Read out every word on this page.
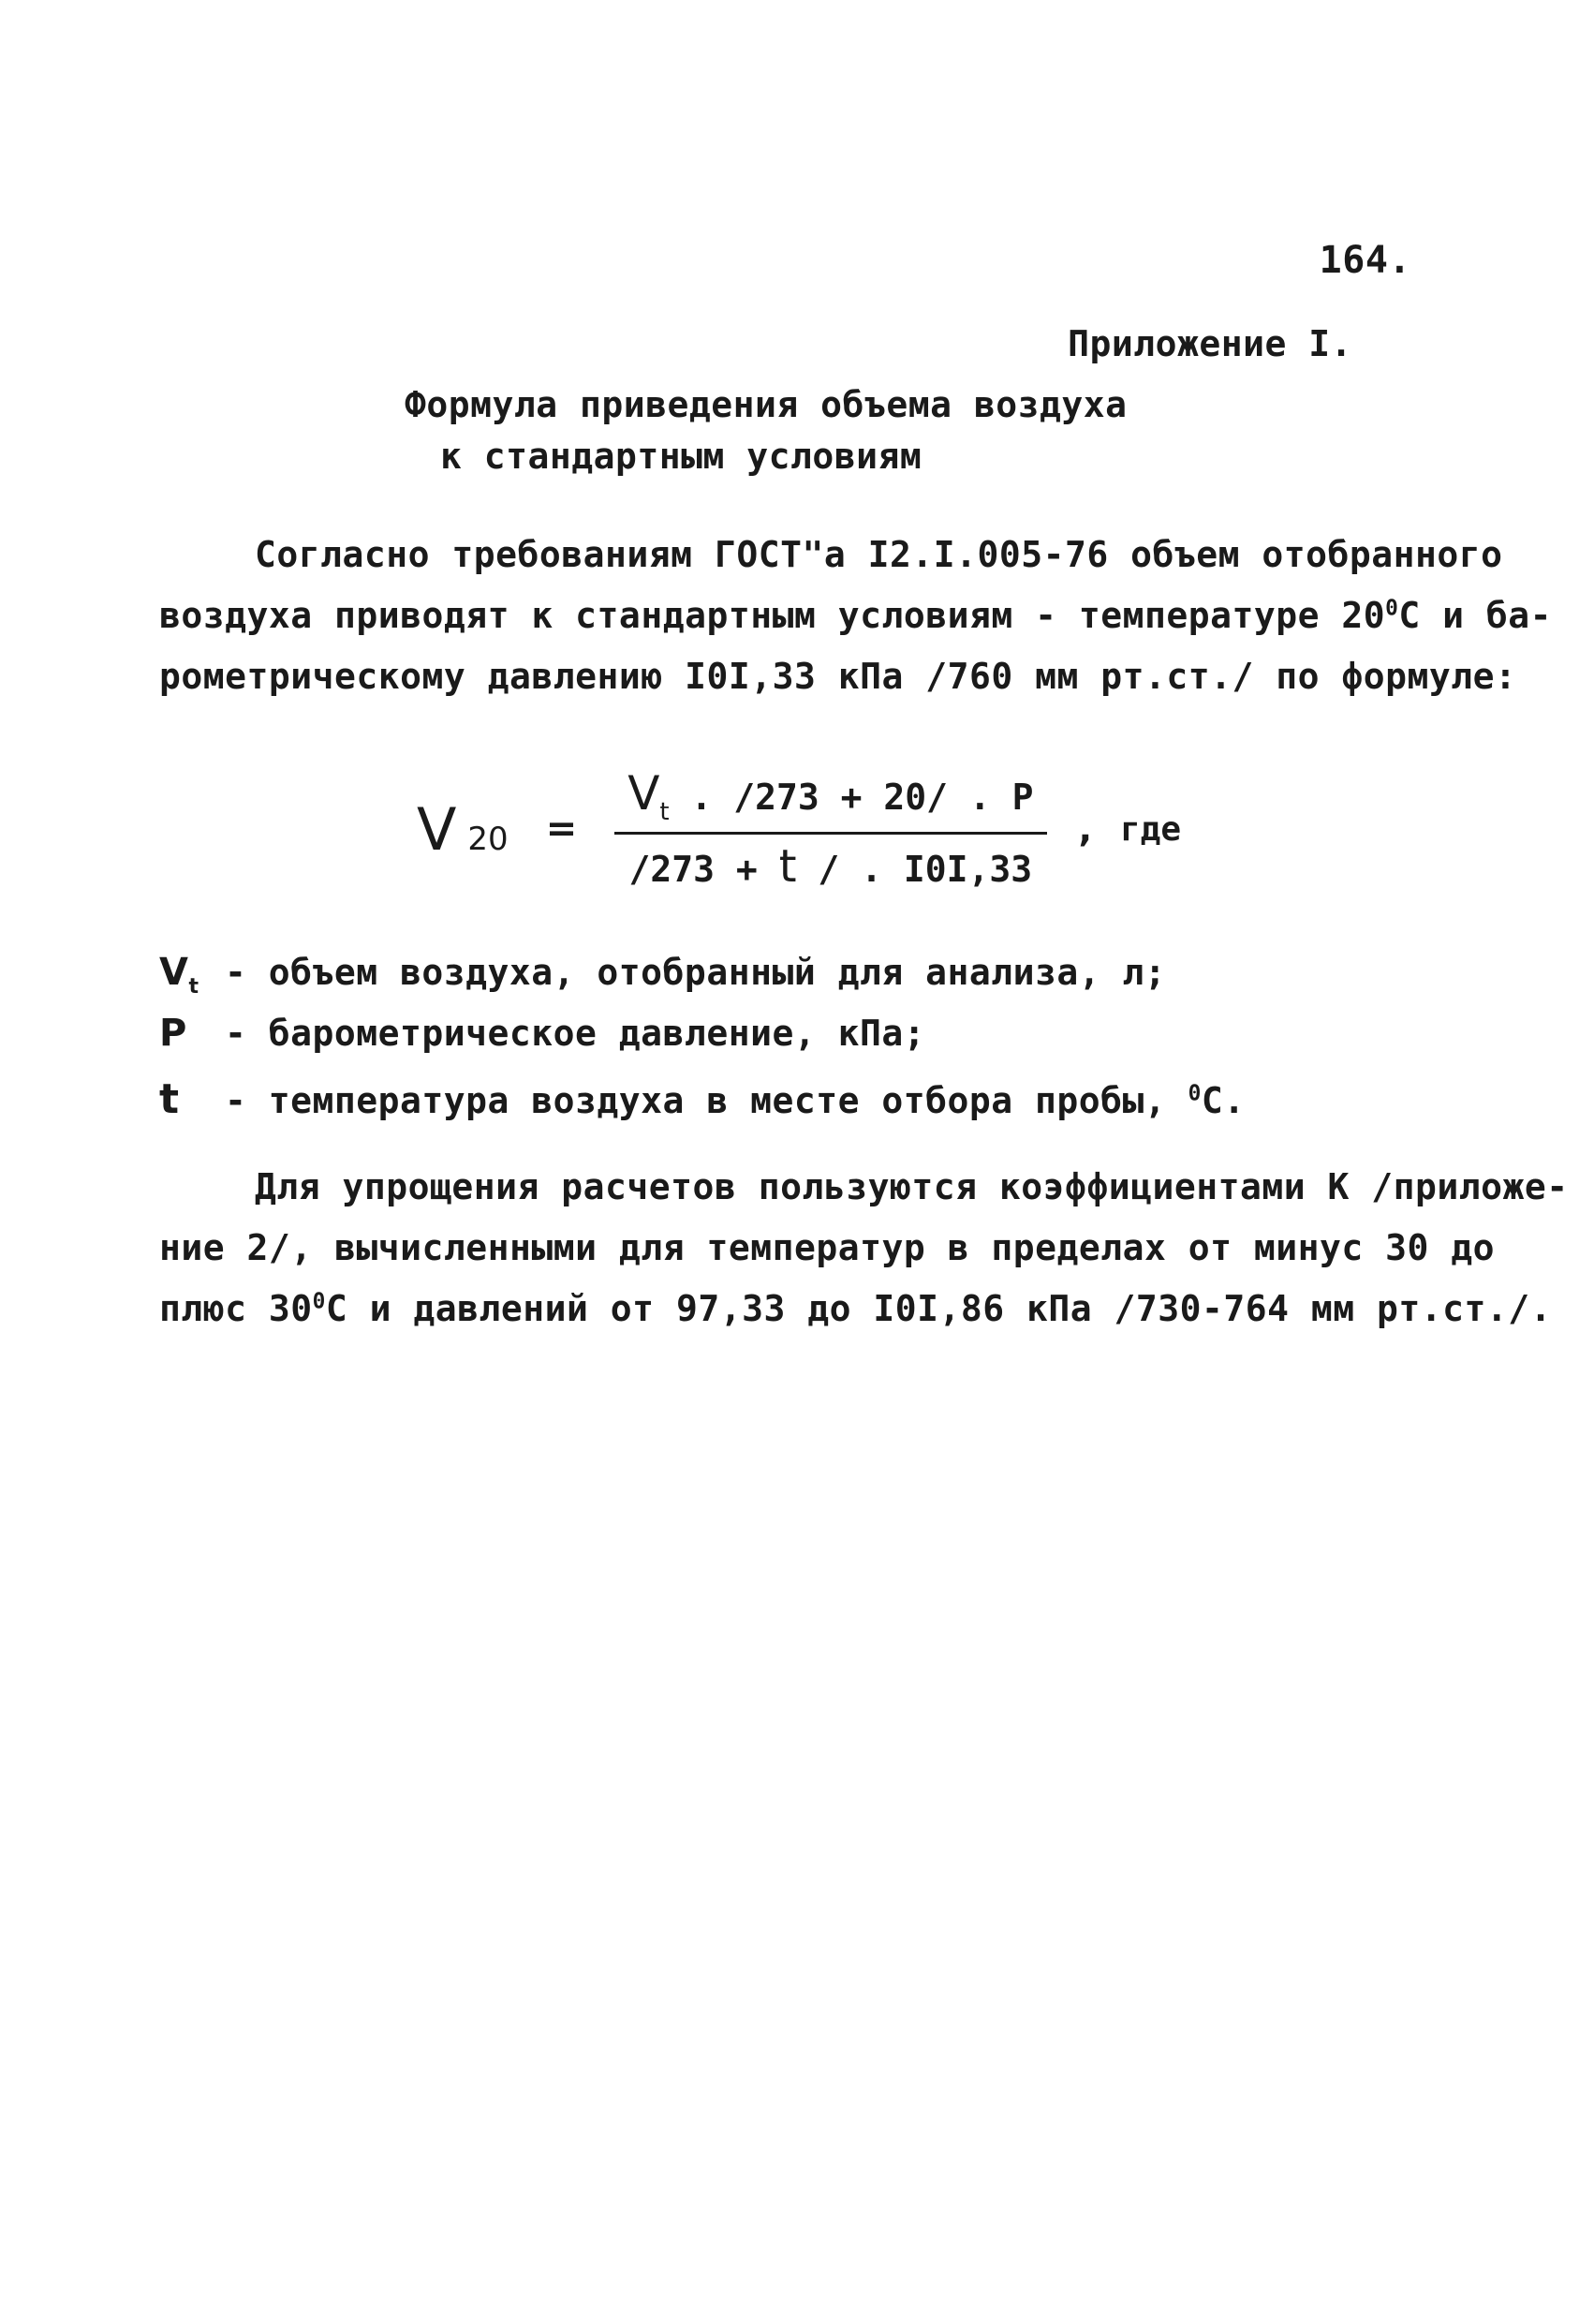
164.
Приложение I.
Формула приведения объема воздуха
к стандартным условиям
Согласно требованиям ГОСТ"а I2.I.005-76 объем отобранного
воздуха приводят к стандартным условиям - температуре $20^0С$ и ба-
рометрическому давлению I0I,33 кПа /760 мм рт.ст./ по формуле:
V $20 = \frac{V_t . /273 + 20/ . P}{/273 + t / . I0I,33}$ , где
$V_t$ - объем воздуха, отобранный для анализа, л;
P	- барометрическое давление, кПа;
t	- температура воздуха в месте отбора пробы, $^0$С.
Для упрощения расчетов пользуются коэффициентами К /приложе-
ние 2/, вычисленными для температур в пределах от минус 30 до
плюс $30^0С$ и давлений от 97,33 до I0I,86 кПа /730-764 мм рт.ст./.
